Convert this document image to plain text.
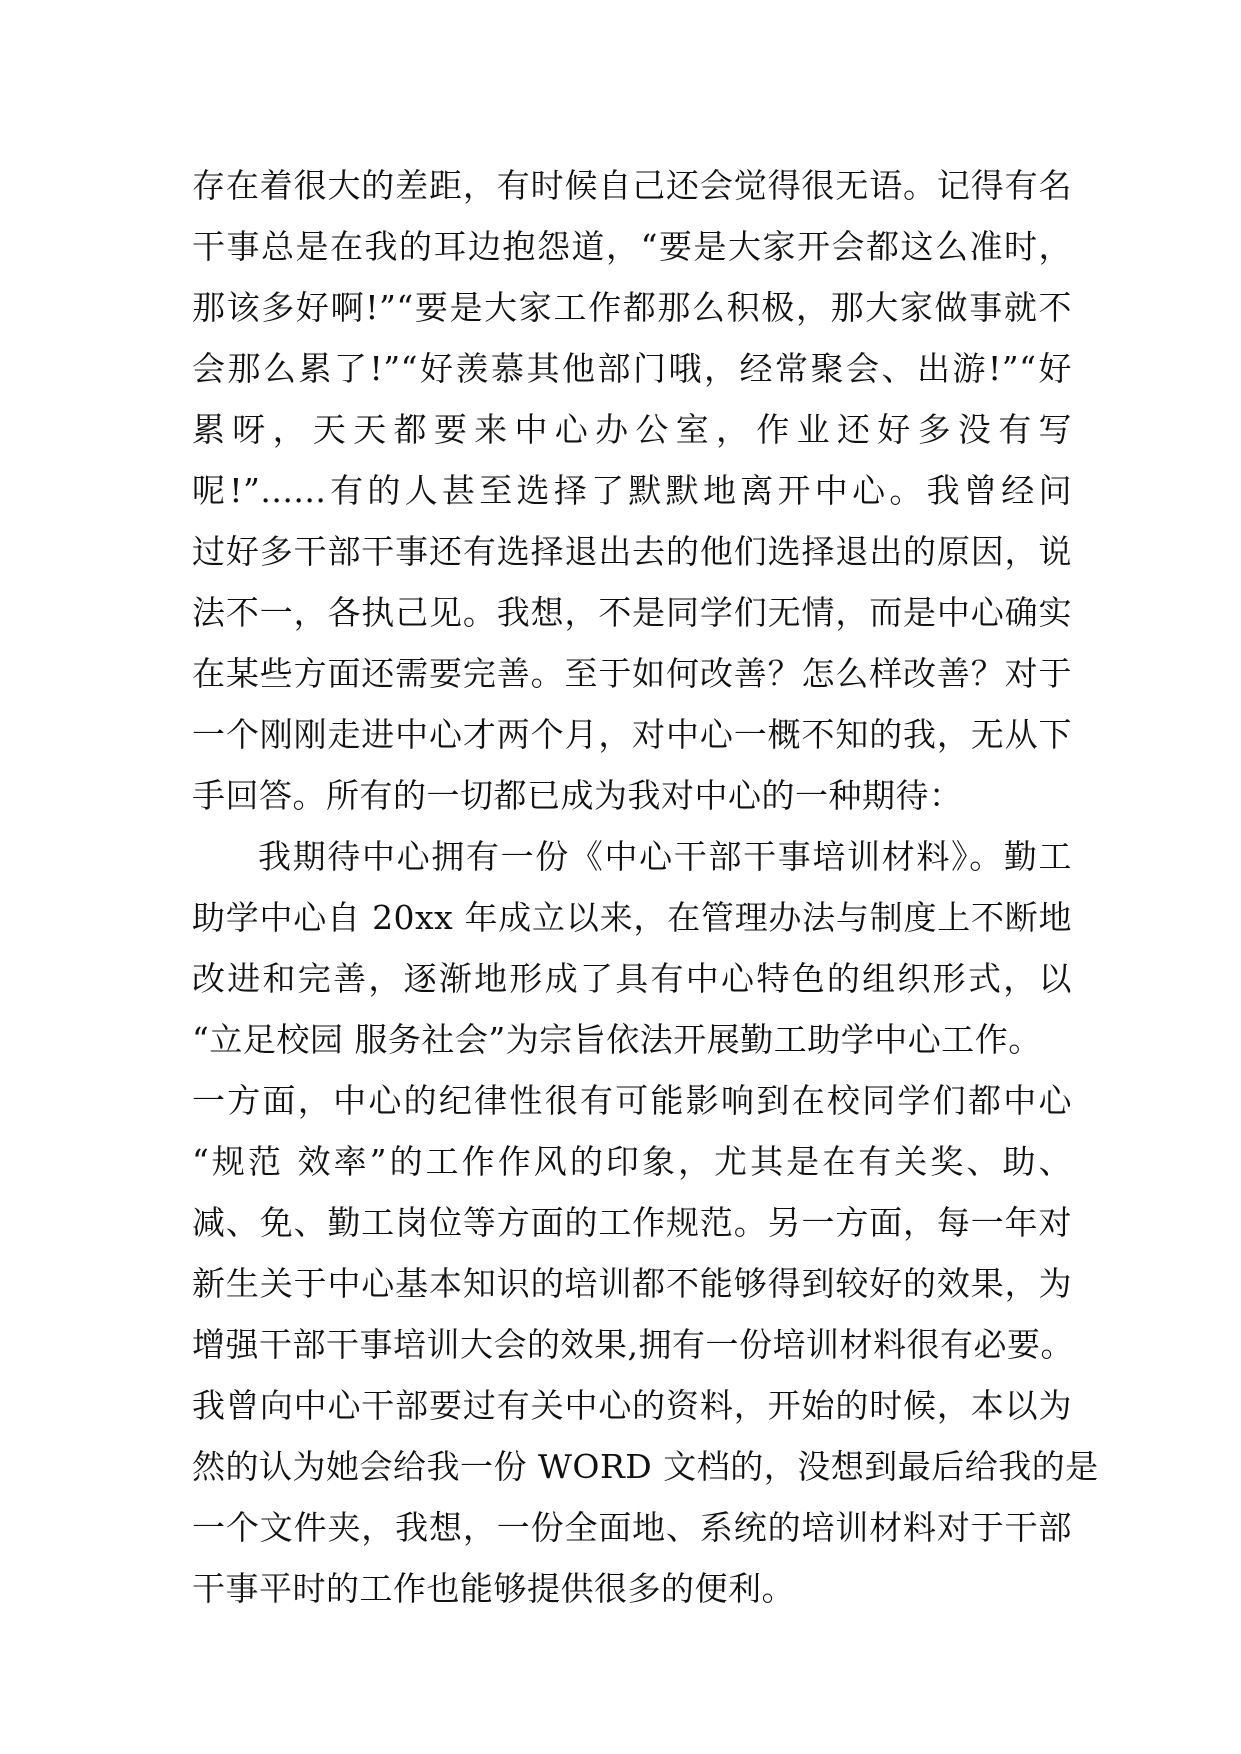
存在着很大的差距，有时候自己还会觉得很无语。记得有名
干事总是在我的耳边抱怨道，“要是大家开会都这么准时，
那该多好啊!”“要是大家工作都那么积极，那大家做事就不
会那么累了!”“好羡慕其他部门哦，经常聚会、出游!”“好
累呀，天天都要来中心办公室，作业还好多没有写
呢!”......有的人甚至选择了默默地离开中心。我曾经问
过好多干部干事还有选择退出去的他们选择退出的原因，说
法不一，各执己见。我想，不是同学们无情，而是中心确实
在某些方面还需要完善。至于如何改善？怎么样改善？对于
一个刚刚走进中心才两个月，对中心一概不知的我，无从下
手回答。所有的一切都已成为我对中心的一种期待：
我期待中心拥有一份《中心干部干事培训材料》。勤工
助学中心自 20xx 年成立以来，在管理办法与制度上不断地
改进和完善，逐渐地形成了具有中心特色的组织形式，以
“立足校园 服务社会”为宗旨依法开展勤工助学中心工作。
一方面，中心的纪律性很有可能影响到在校同学们都中心
“规范 效率”的工作作风的印象，尤其是在有关奖、助、
减、免、勤工岗位等方面的工作规范。另一方面，每一年对
新生关于中心基本知识的培训都不能够得到较好的效果，为
增强干部干事培训大会的效果,拥有一份培训材料很有必要。
我曾向中心干部要过有关中心的资料，开始的时候，本以为
然的认为她会给我一份 WORD 文档的，没想到最后给我的是
一个文件夹，我想，一份全面地、系统的培训材料对于干部
干事平时的工作也能够提供很多的便利。
